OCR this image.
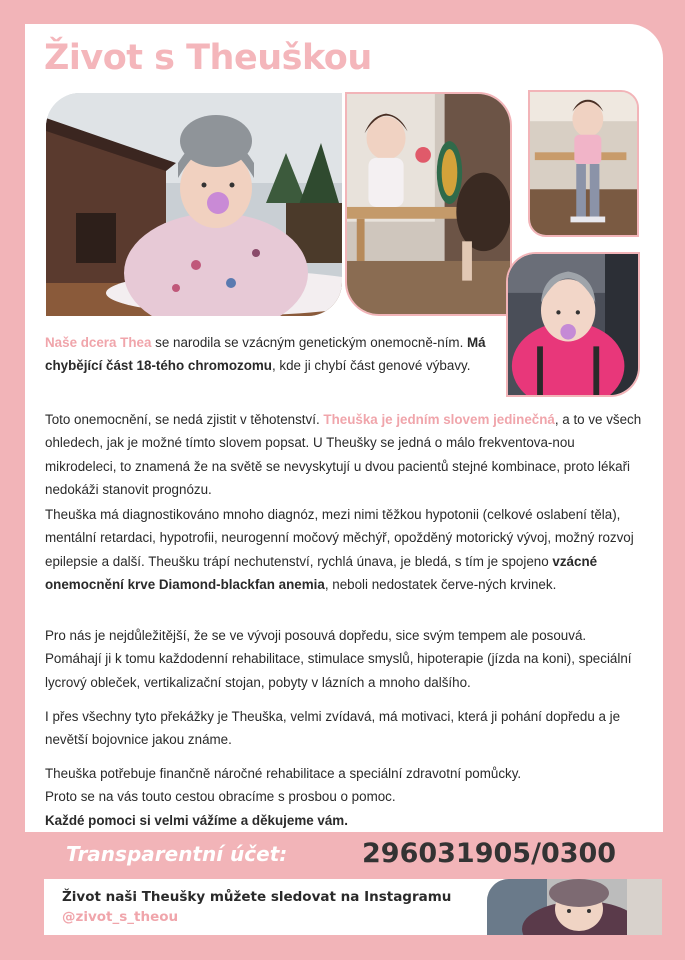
Život s Theuškou

Naše dcera Thea se narodila se vzácným genetickým onemocně-ním. Má chybějící část 18-tého chromozomu, kde ji chybí část genové výbavy.

Toto onemocnění, se nedá zjistit v těhotenství. Theuška je jedním slovem jedinečná, a to ve všech ohledech, jak je možné tímto slovem popsat. U Theušky se jedná o málo frekventova-nou mikrodeleci, to znamená že na světě se nevyskytují u dvou pacientů stejné kombinace, proto lékaři nedokáži stanovit prognózu.

Theuška má diagnostikováno mnoho diagnóz, mezi nimi těžkou hypotonii (celkové oslabení těla), mentální retardaci, hypotrofii, neurogenní močový měchýř, opožděný motorický vývoj, možný rozvoj epilepsie a další. Theušku trápí nechutenství, rychlá únava, je bledá, s tím je spojeno vzácné onemocnění krve Diamond-blackfan anemia, neboli nedostatek červe-ných krvinek.

Pro nás je nejdůležitější, že se ve vývoji posouvá dopředu, sice svým tempem ale posouvá. Pomáhají ji k tomu každodenní rehabilitace, stimulace smyslů, hipoterapie (jízda na koni), speciální lycrový obleček, vertikalizační stojan, pobyty v lázních a mnoho dalšího.

I přes všechny tyto překážky je Theuška, velmi zvídavá, má motivaci, která ji pohání dopředu a je nevětší bojovnice jakou známe.

Theuška potřebuje finančně náročné rehabilitace a speciální zdravotní pomůcky.

Proto se na vás touto cestou obracíme s prosbou o pomoc.

Každé pomoci si velmi vážíme a děkujeme vám.

Transparentní účet:	296031905/0300
Život naši Theušky můžete sledovat na Instagramu
@zivot_s_theou
